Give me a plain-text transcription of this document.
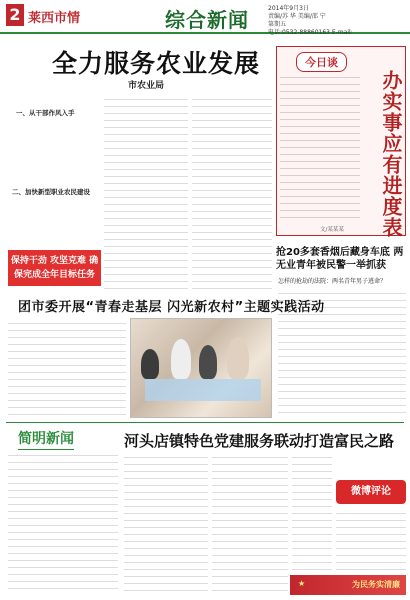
2 莱西市情	综合新闻	2014年9月3日
责编/苏 华 美编/邵 宁
第期五
电话:0532-88860163 E-mail:
全力服务农业发展
市农业局
一、从干部作风入手
二、加快新型职业农民建设
保持干劲 攻坚克难 确保完成全年目标任务
今日谈
办实事应有进度表
文/某某某
抢20多套香烟后藏身车底 两无业青年被民警一举抓获
怎样的抢劫的法院：两名青年男子逃命？
团市委开展“青春走基层 闪光新农村”主题实践活动
简明新闻	河头店镇特色党建服务联动打造富民之路
微博评论
★	为民务实清廉
